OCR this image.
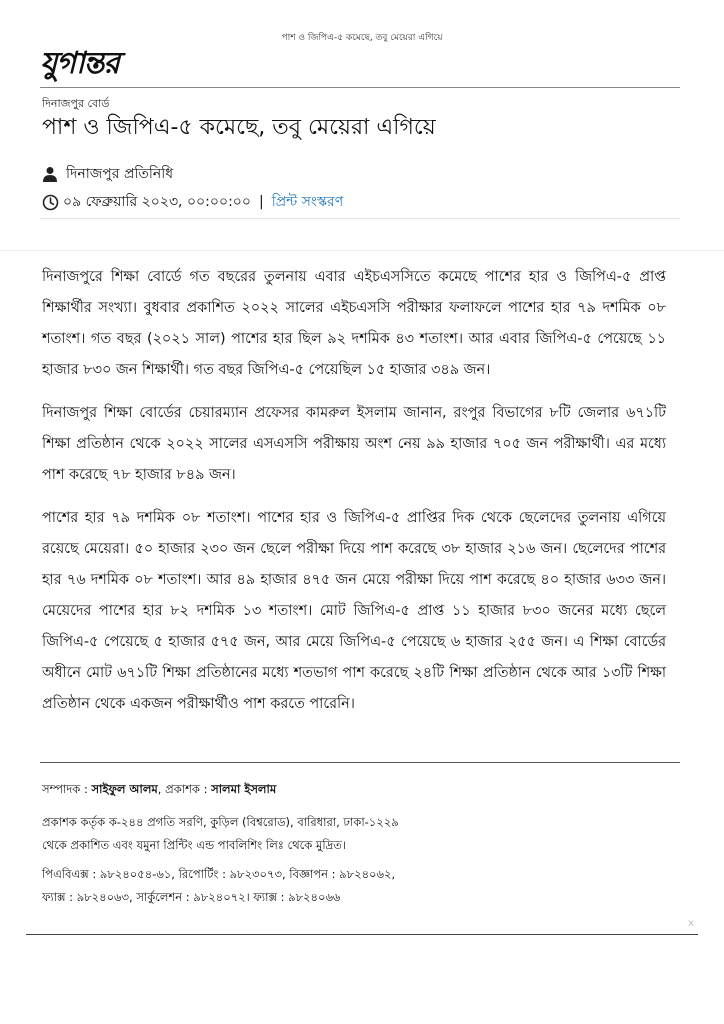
পাশ ও জিপিএ-৫ কমেছে, তবু মেয়েরা এগিয়ে
যুগান্তর
দিনাজপুর বোর্ড
পাশ ও জিপিএ-৫ কমেছে, তবু মেয়েরা এগিয়ে
দিনাজপুর প্রতিনিধি
০৯ ফেব্রুয়ারি ২০২৩, ০০:০০:০০ | প্রিন্ট সংস্করণ

দিনাজপুরে শিক্ষা বোর্ডে গত বছরের তুলনায় এবার এইচএসসিতে কমেছে পাশের হার ও জিপিএ-৫ প্রাপ্ত শিক্ষার্থীর সংখ্যা। বুধবার প্রকাশিত ২০২২ সালের এইচএসসি পরীক্ষার ফলাফলে পাশের হার ৭৯ দশমিক ০৮ শতাংশ। গত বছর (২০২১ সাল) পাশের হার ছিল ৯২ দশমিক ৪৩ শতাংশ। আর এবার জিপিএ-৫ পেয়েছে ১১ হাজার ৮৩০ জন শিক্ষার্থী। গত বছর জিপিএ-৫ পেয়েছিল ১৫ হাজার ৩৪৯ জন।

দিনাজপুর শিক্ষা বোর্ডের চেয়ারম্যান প্রফেসর কামরুল ইসলাম জানান, রংপুর বিভাগের ৮টি জেলার ৬৭১টি শিক্ষা প্রতিষ্ঠান থেকে ২০২২ সালের এসএসসি পরীক্ষায় অংশ নেয় ৯৯ হাজার ৭০৫ জন পরীক্ষার্থী। এর মধ্যে পাশ করেছে ৭৮ হাজার ৮৪৯ জন।

পাশের হার ৭৯ দশমিক ০৮ শতাংশ। পাশের হার ও জিপিএ-৫ প্রাপ্তির দিক থেকে ছেলেদের তুলনায় এগিয়ে রয়েছে মেয়েরা। ৫০ হাজার ২৩০ জন ছেলে পরীক্ষা দিয়ে পাশ করেছে ৩৮ হাজার ২১৬ জন। ছেলেদের পাশের হার ৭৬ দশমিক ০৮ শতাংশ। আর ৪৯ হাজার ৪৭৫ জন মেয়ে পরীক্ষা দিয়ে পাশ করেছে ৪০ হাজার ৬৩৩ জন। মেয়েদের পাশের হার ৮২ দশমিক ১৩ শতাংশ। মোট জিপিএ-৫ প্রাপ্ত ১১ হাজার ৮৩০ জনের মধ্যে ছেলে জিপিএ-৫ পেয়েছে ৫ হাজার ৫৭৫ জন, আর মেয়ে জিপিএ-৫ পেয়েছে ৬ হাজার ২৫৫ জন। এ শিক্ষা বোর্ডের অধীনে মোট ৬৭১টি শিক্ষা প্রতিষ্ঠানের মধ্যে শতভাগ পাশ করেছে ২৪টি শিক্ষা প্রতিষ্ঠান থেকে আর ১৩টি শিক্ষা প্রতিষ্ঠান থেকে একজন পরীক্ষার্থীও পাশ করতে পারেনি।

সম্পাদক : সাইফুল আলম, প্রকাশক : সালমা ইসলাম

প্রকাশক কর্তৃক ক-২৪৪ প্রগতি সরণি, কুড়িল (বিশ্বরোড), বারিধারা, ঢাকা-১২২৯

থেকে প্রকাশিত এবং যমুনা প্রিন্টিং এন্ড পাবলিশিং লিঃ থেকে মুদ্রিত।

পিএবিএক্স : ৯৮২৪০৫৪-৬১, রিপোর্টিং : ৯৮২৩০৭৩, বিজ্ঞাপন : ৯৮২৪০৬২,

ফ্যাক্স : ৯৮২৪০৬৩, সার্কুলেশন : ৯৮২৪০৭২। ফ্যাক্স : ৯৮২৪০৬৬

x
